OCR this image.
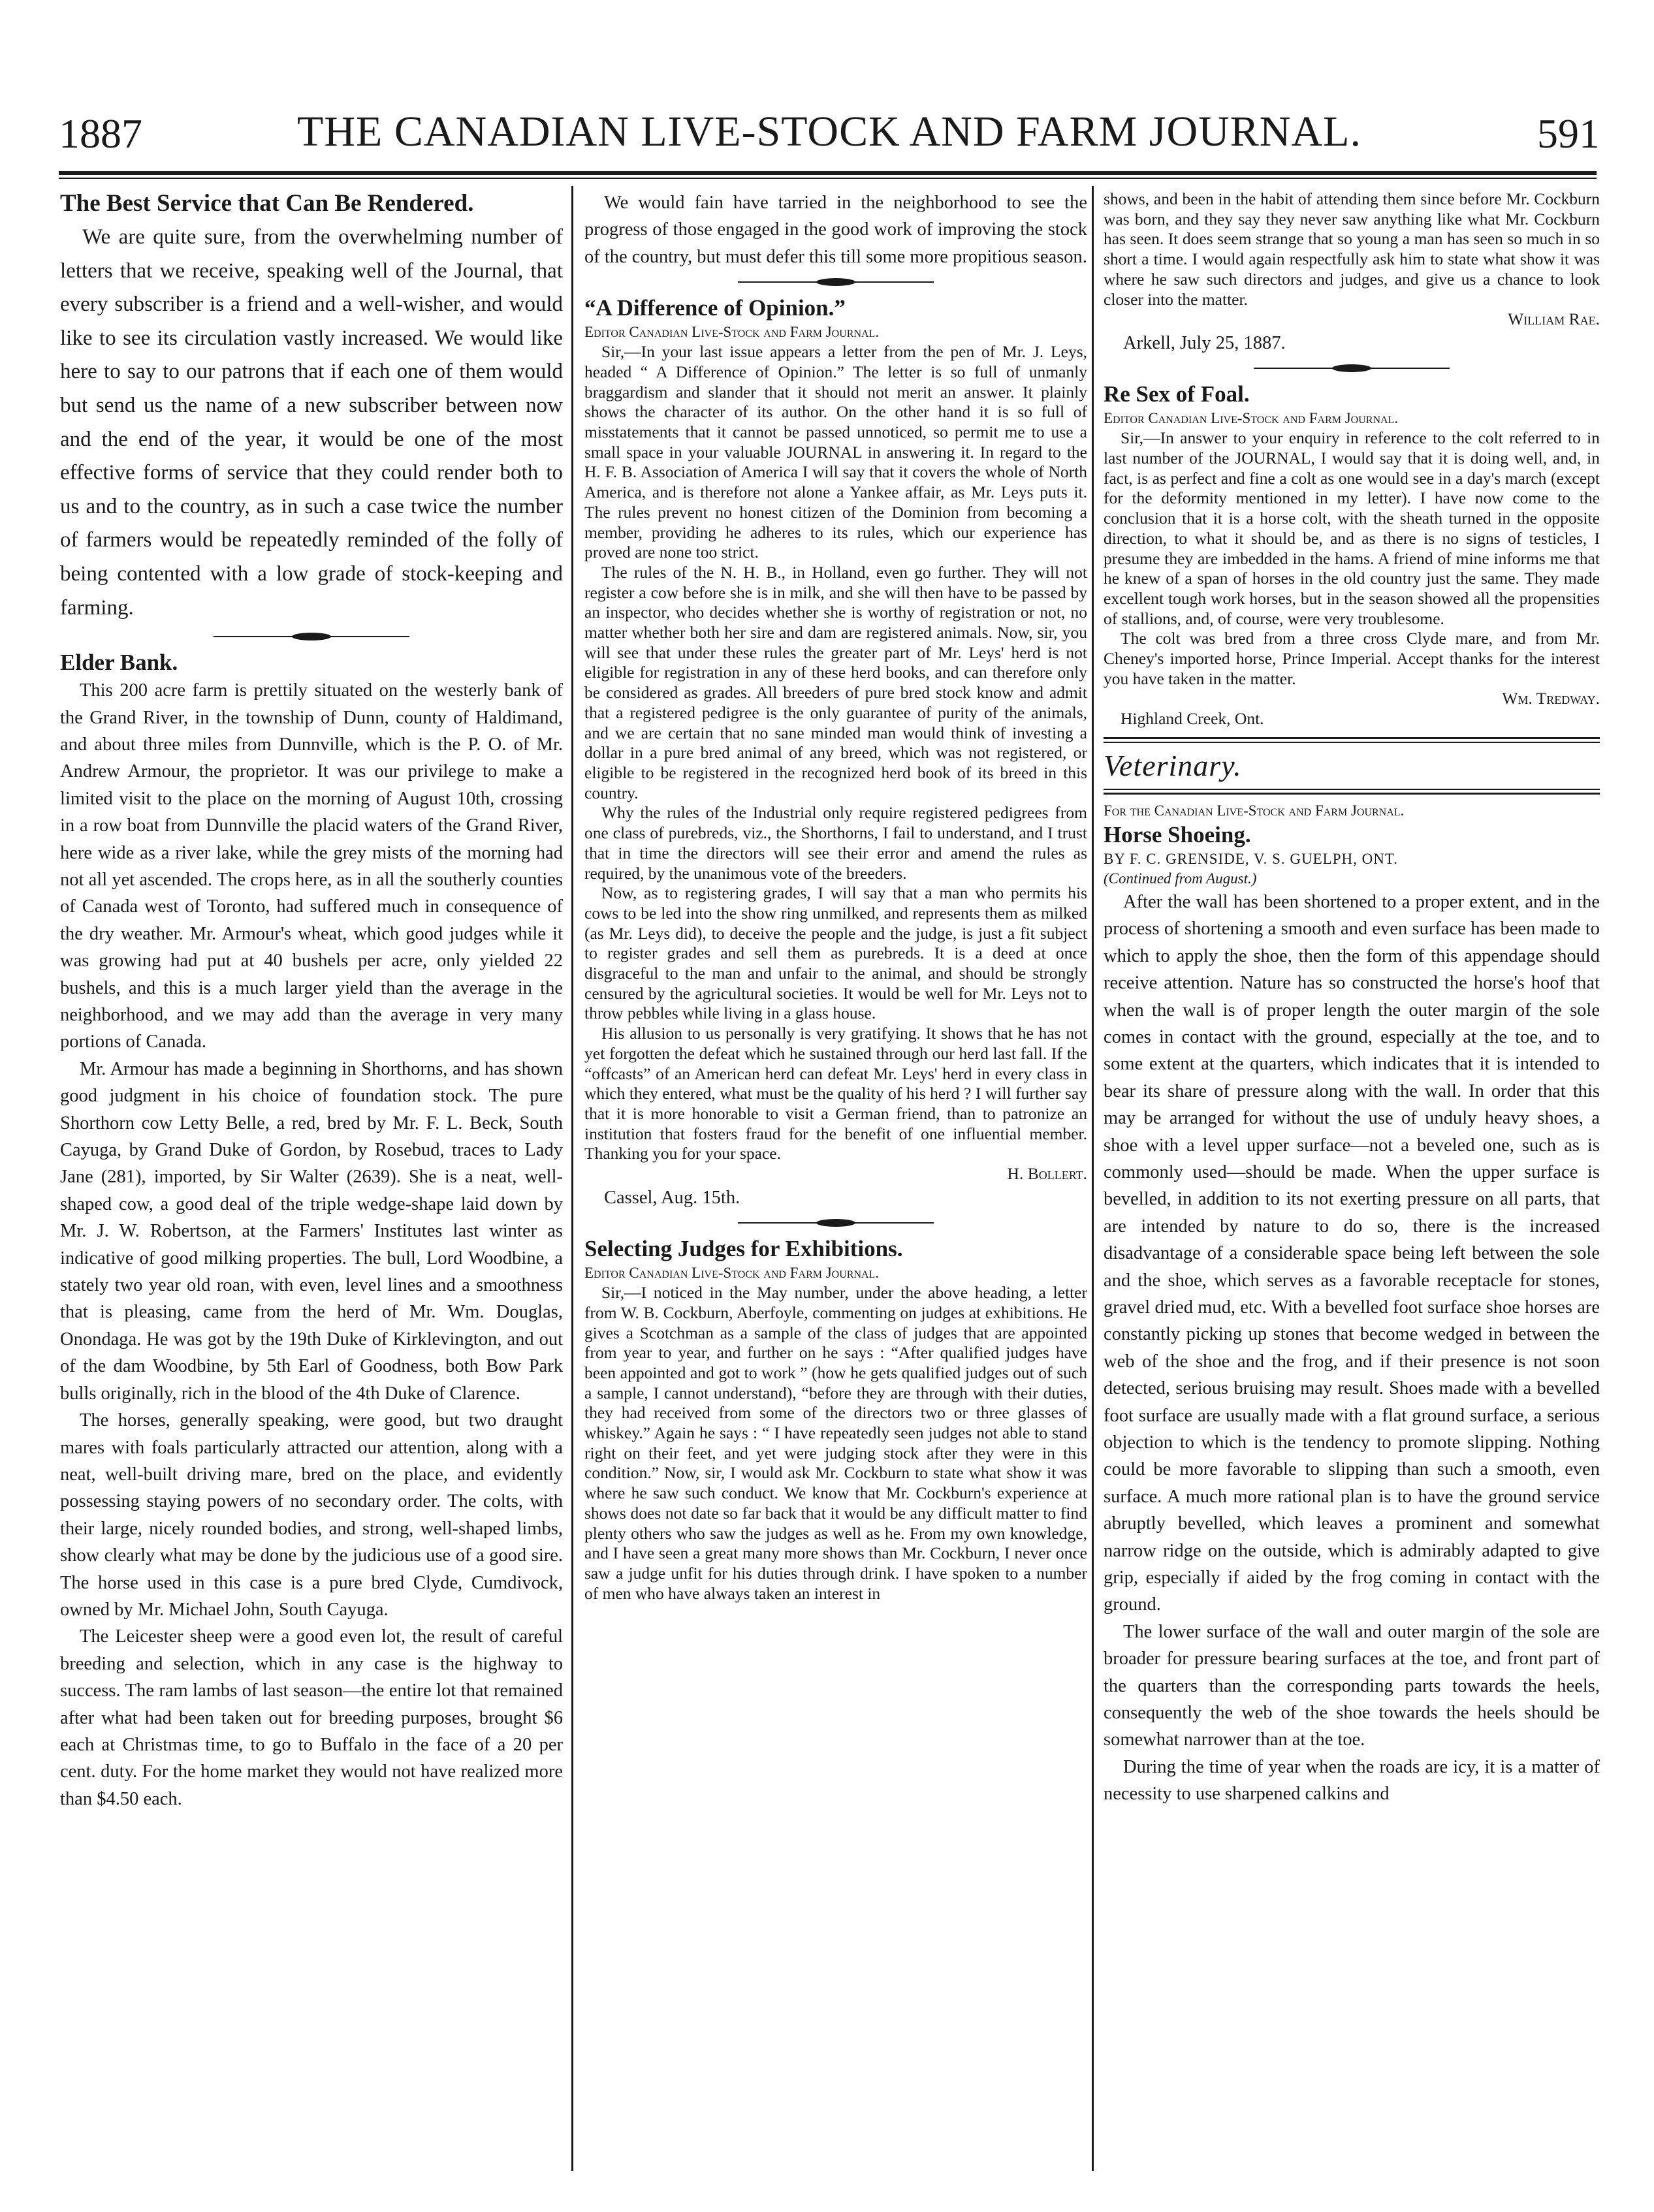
1887	THE CANADIAN LIVE-STOCK AND FARM JOURNAL.	591

The Best Service that Can Be Rendered.

We are quite sure, from the overwhelming number of letters that we receive, speaking well of the Journal, that every subscriber is a friend and a well-wisher, and would like to see its circulation vastly increased. We would like here to say to our patrons that if each one of them would but send us the name of a new subscriber between now and the end of the year, it would be one of the most effective forms of service that they could render both to us and to the country, as in such a case twice the number of farmers would be repeatedly reminded of the folly of being contented with a low grade of stock-keeping and farming.

Elder Bank.

This 200 acre farm is prettily situated on the westerly bank of the Grand River, in the township of Dunn, county of Haldimand, and about three miles from Dunnville, which is the P. O. of Mr. Andrew Armour, the proprietor. It was our privilege to make a limited visit to the place on the morning of August 10th, crossing in a row boat from Dunnville the placid waters of the Grand River, here wide as a river lake, while the grey mists of the morning had not all yet ascended. The crops here, as in all the southerly counties of Canada west of Toronto, had suffered much in consequence of the dry weather. Mr. Armour's wheat, which good judges while it was growing had put at 40 bushels per acre, only yielded 22 bushels, and this is a much larger yield than the average in the neighborhood, and we may add than the average in very many portions of Canada.

Mr. Armour has made a beginning in Shorthorns, and has shown good judgment in his choice of foundation stock. The pure Shorthorn cow Letty Belle, a red, bred by Mr. F. L. Beck, South Cayuga, by Grand Duke of Gordon, by Rosebud, traces to Lady Jane (281), imported, by Sir Walter (2639). She is a neat, well-shaped cow, a good deal of the triple wedge-shape laid down by Mr. J. W. Robertson, at the Farmers' Institutes last winter as indicative of good milking properties. The bull, Lord Woodbine, a stately two year old roan, with even, level lines and a smoothness that is pleasing, came from the herd of Mr. Wm. Douglas, Onondaga. He was got by the 19th Duke of Kirklevington, and out of the dam Woodbine, by 5th Earl of Goodness, both Bow Park bulls originally, rich in the blood of the 4th Duke of Clarence.

The horses, generally speaking, were good, but two draught mares with foals particularly attracted our attention, along with a neat, well-built driving mare, bred on the place, and evidently possessing staying powers of no secondary order. The colts, with their large, nicely rounded bodies, and strong, well-shaped limbs, show clearly what may be done by the judicious use of a good sire. The horse used in this case is a pure bred Clyde, Cumdivock, owned by Mr. Michael John, South Cayuga.

The Leicester sheep were a good even lot, the result of careful breeding and selection, which in any case is the highway to success. The ram lambs of last season—the entire lot that remained after what had been taken out for breeding purposes, brought $6 each at Christmas time, to go to Buffalo in the face of a 20 per cent. duty. For the home market they would not have realized more than $4.50 each.

We would fain have tarried in the neighborhood to see the progress of those engaged in the good work of improving the stock of the country, but must defer this till some more propitious season.

“A Difference of Opinion.”

Editor Canadian Live-Stock and Farm Journal.

Sir,—In your last issue appears a letter from the pen of Mr. J. Leys, headed “ A Difference of Opinion.” The letter is so full of unmanly braggardism and slander that it should not merit an answer. It plainly shows the character of its author. On the other hand it is so full of misstatements that it cannot be passed unnoticed, so permit me to use a small space in your valuable JOURNAL in answering it. In regard to the H. F. B. Association of America I will say that it covers the whole of North America, and is therefore not alone a Yankee affair, as Mr. Leys puts it. The rules prevent no honest citizen of the Dominion from becoming a member, providing he adheres to its rules, which our experience has proved are none too strict.

The rules of the N. H. B., in Holland, even go further. They will not register a cow before she is in milk, and she will then have to be passed by an inspector, who decides whether she is worthy of registration or not, no matter whether both her sire and dam are registered animals. Now, sir, you will see that under these rules the greater part of Mr. Leys' herd is not eligible for registration in any of these herd books, and can therefore only be considered as grades. All breeders of pure bred stock know and admit that a registered pedigree is the only guarantee of purity of the animals, and we are certain that no sane minded man would think of investing a dollar in a pure bred animal of any breed, which was not registered, or eligible to be registered in the recognized herd book of its breed in this country.

Why the rules of the Industrial only require registered pedigrees from one class of purebreds, viz., the Shorthorns, I fail to understand, and I trust that in time the directors will see their error and amend the rules as required, by the unanimous vote of the breeders.

Now, as to registering grades, I will say that a man who permits his cows to be led into the show ring unmilked, and represents them as milked (as Mr. Leys did), to deceive the people and the judge, is just a fit subject to register grades and sell them as purebreds. It is a deed at once disgraceful to the man and unfair to the animal, and should be strongly censured by the agricultural societies. It would be well for Mr. Leys not to throw pebbles while living in a glass house.

His allusion to us personally is very gratifying. It shows that he has not yet forgotten the defeat which he sustained through our herd last fall. If the “offcasts” of an American herd can defeat Mr. Leys' herd in every class in which they entered, what must be the quality of his herd ? I will further say that it is more honorable to visit a German friend, than to patronize an institution that fosters fraud for the benefit of one influential member. Thanking you for your space.

H. Bollert.

Cassel, Aug. 15th.

Selecting Judges for Exhibitions.

Editor Canadian Live-Stock and Farm Journal.

Sir,—I noticed in the May number, under the above heading, a letter from W. B. Cockburn, Aberfoyle, commenting on judges at exhibitions. He gives a Scotchman as a sample of the class of judges that are appointed from year to year, and further on he says : “After qualified judges have been appointed and got to work ” (how he gets qualified judges out of such a sample, I cannot understand), “before they are through with their duties, they had received from some of the directors two or three glasses of whiskey.” Again he says : “ I have repeatedly seen judges not able to stand right on their feet, and yet were judging stock after they were in this condition.” Now, sir, I would ask Mr. Cockburn to state what show it was where he saw such conduct. We know that Mr. Cockburn's experience at shows does not date so far back that it would be any difficult matter to find plenty others who saw the judges as well as he. From my own knowledge, and I have seen a great many more shows than Mr. Cockburn, I never once saw a judge unfit for his duties through drink. I have spoken to a number of men who have always taken an interest in

shows, and been in the habit of attending them since before Mr. Cockburn was born, and they say they never saw anything like what Mr. Cockburn has seen. It does seem strange that so young a man has seen so much in so short a time. I would again respectfully ask him to state what show it was where he saw such directors and judges, and give us a chance to look closer into the matter.

William Rae.

Arkell, July 25, 1887.

Re Sex of Foal.

Editor Canadian Live-Stock and Farm Journal.

Sir,—In answer to your enquiry in reference to the colt referred to in last number of the JOURNAL, I would say that it is doing well, and, in fact, is as perfect and fine a colt as one would see in a day's march (except for the deformity mentioned in my letter). I have now come to the conclusion that it is a horse colt, with the sheath turned in the opposite direction, to what it should be, and as there is no signs of testicles, I presume they are imbedded in the hams. A friend of mine informs me that he knew of a span of horses in the old country just the same. They made excellent tough work horses, but in the season showed all the propensities of stallions, and, of course, were very troublesome.

The colt was bred from a three cross Clyde mare, and from Mr. Cheney's imported horse, Prince Imperial. Accept thanks for the interest you have taken in the matter.

Wm. Tredway.

Highland Creek, Ont.

Veterinary.

For the Canadian Live-Stock and Farm Journal.

Horse Shoeing.

BY F. C. GRENSIDE, V. S. GUELPH, ONT.

(Continued from August.)

After the wall has been shortened to a proper extent, and in the process of shortening a smooth and even surface has been made to which to apply the shoe, then the form of this appendage should receive attention. Nature has so constructed the horse's hoof that when the wall is of proper length the outer margin of the sole comes in contact with the ground, especially at the toe, and to some extent at the quarters, which indicates that it is intended to bear its share of pressure along with the wall. In order that this may be arranged for without the use of unduly heavy shoes, a shoe with a level upper surface—not a beveled one, such as is commonly used—should be made. When the upper surface is bevelled, in addition to its not exerting pressure on all parts, that are intended by nature to do so, there is the increased disadvantage of a considerable space being left between the sole and the shoe, which serves as a favorable receptacle for stones, gravel dried mud, etc. With a bevelled foot surface shoe horses are constantly picking up stones that become wedged in between the web of the shoe and the frog, and if their presence is not soon detected, serious bruising may result. Shoes made with a bevelled foot surface are usually made with a flat ground surface, a serious objection to which is the tendency to promote slipping. Nothing could be more favorable to slipping than such a smooth, even surface. A much more rational plan is to have the ground service abruptly bevelled, which leaves a prominent and somewhat narrow ridge on the outside, which is admirably adapted to give grip, especially if aided by the frog coming in contact with the ground.

The lower surface of the wall and outer margin of the sole are broader for pressure bearing surfaces at the toe, and front part of the quarters than the corresponding parts towards the heels, consequently the web of the shoe towards the heels should be somewhat narrower than at the toe.

During the time of year when the roads are icy, it is a matter of necessity to use sharpened calkins and
